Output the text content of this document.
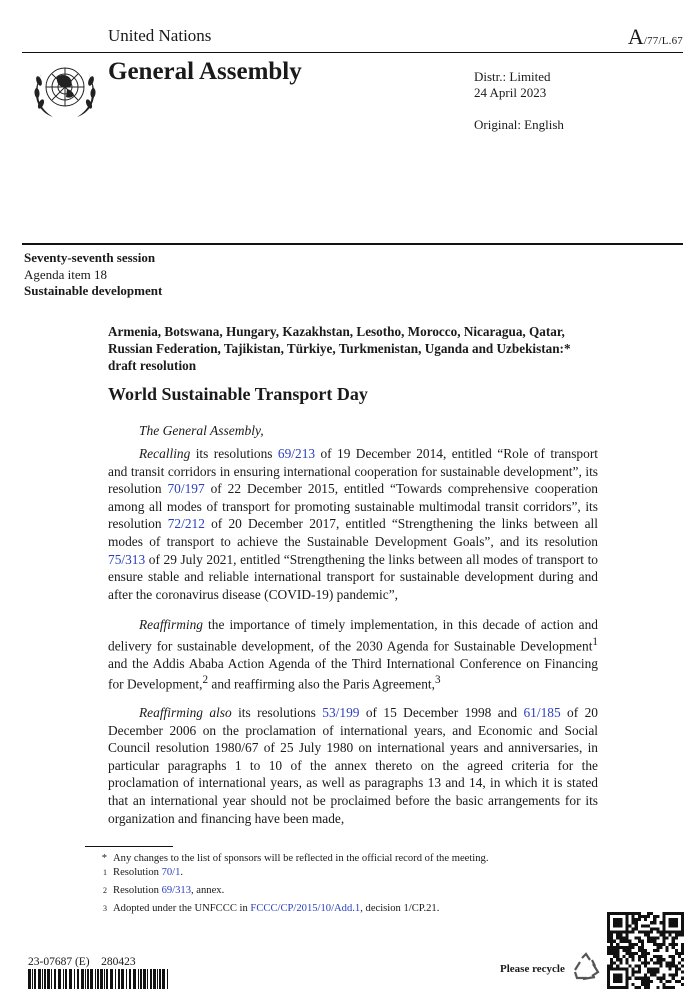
United Nations	A/77/L.67
General Assembly	Distr.: Limited
24 April 2023
Original: English
Seventy-seventh session
Agenda item 18
Sustainable development
Armenia, Botswana, Hungary, Kazakhstan, Lesotho, Morocco, Nicaragua, Qatar, Russian Federation, Tajikistan, Türkiye, Turkmenistan, Uganda and Uzbekistan:* draft resolution
World Sustainable Transport Day
The General Assembly,
Recalling its resolutions 69/213 of 19 December 2014, entitled “Role of transport and transit corridors in ensuring international cooperation for sustainable development”, its resolution 70/197 of 22 December 2015, entitled “Towards comprehensive cooperation among all modes of transport for promoting sustainable multimodal transit corridors”, its resolution 72/212 of 20 December 2017, entitled “Strengthening the links between all modes of transport to achieve the Sustainable Development Goals”, and its resolution 75/313 of 29 July 2021, entitled “Strengthening the links between all modes of transport to ensure stable and reliable international transport for sustainable development during and after the coronavirus disease (COVID-19) pandemic”,
Reaffirming the importance of timely implementation, in this decade of action and delivery for sustainable development, of the 2030 Agenda for Sustainable Development$^1$ and the Addis Ababa Action Agenda of the Third International Conference on Financing for Development,$^2$ and reaffirming also the Paris Agreement,$^3$
Reaffirming also its resolutions 53/199 of 15 December 1998 and 61/185 of 20 December 2006 on the proclamation of international years, and Economic and Social Council resolution 1980/67 of 25 July 1980 on international years and anniversaries, in particular paragraphs 1 to 10 of the annex thereto on the agreed criteria for the proclamation of international years, as well as paragraphs 13 and 14, in which it is stated that an international year should not be proclaimed before the basic arrangements for its organization and financing have been made,
* Any changes to the list of sponsors will be reflected in the official record of the meeting.
$^1$ Resolution 70/1.
$^2$ Resolution 69/313, annex.
$^3$ Adopted under the UNFCCC in FCCC/CP/2015/10/Add.1, decision 1/CP.21.
23-07687 (E)    280423
Please recycle
